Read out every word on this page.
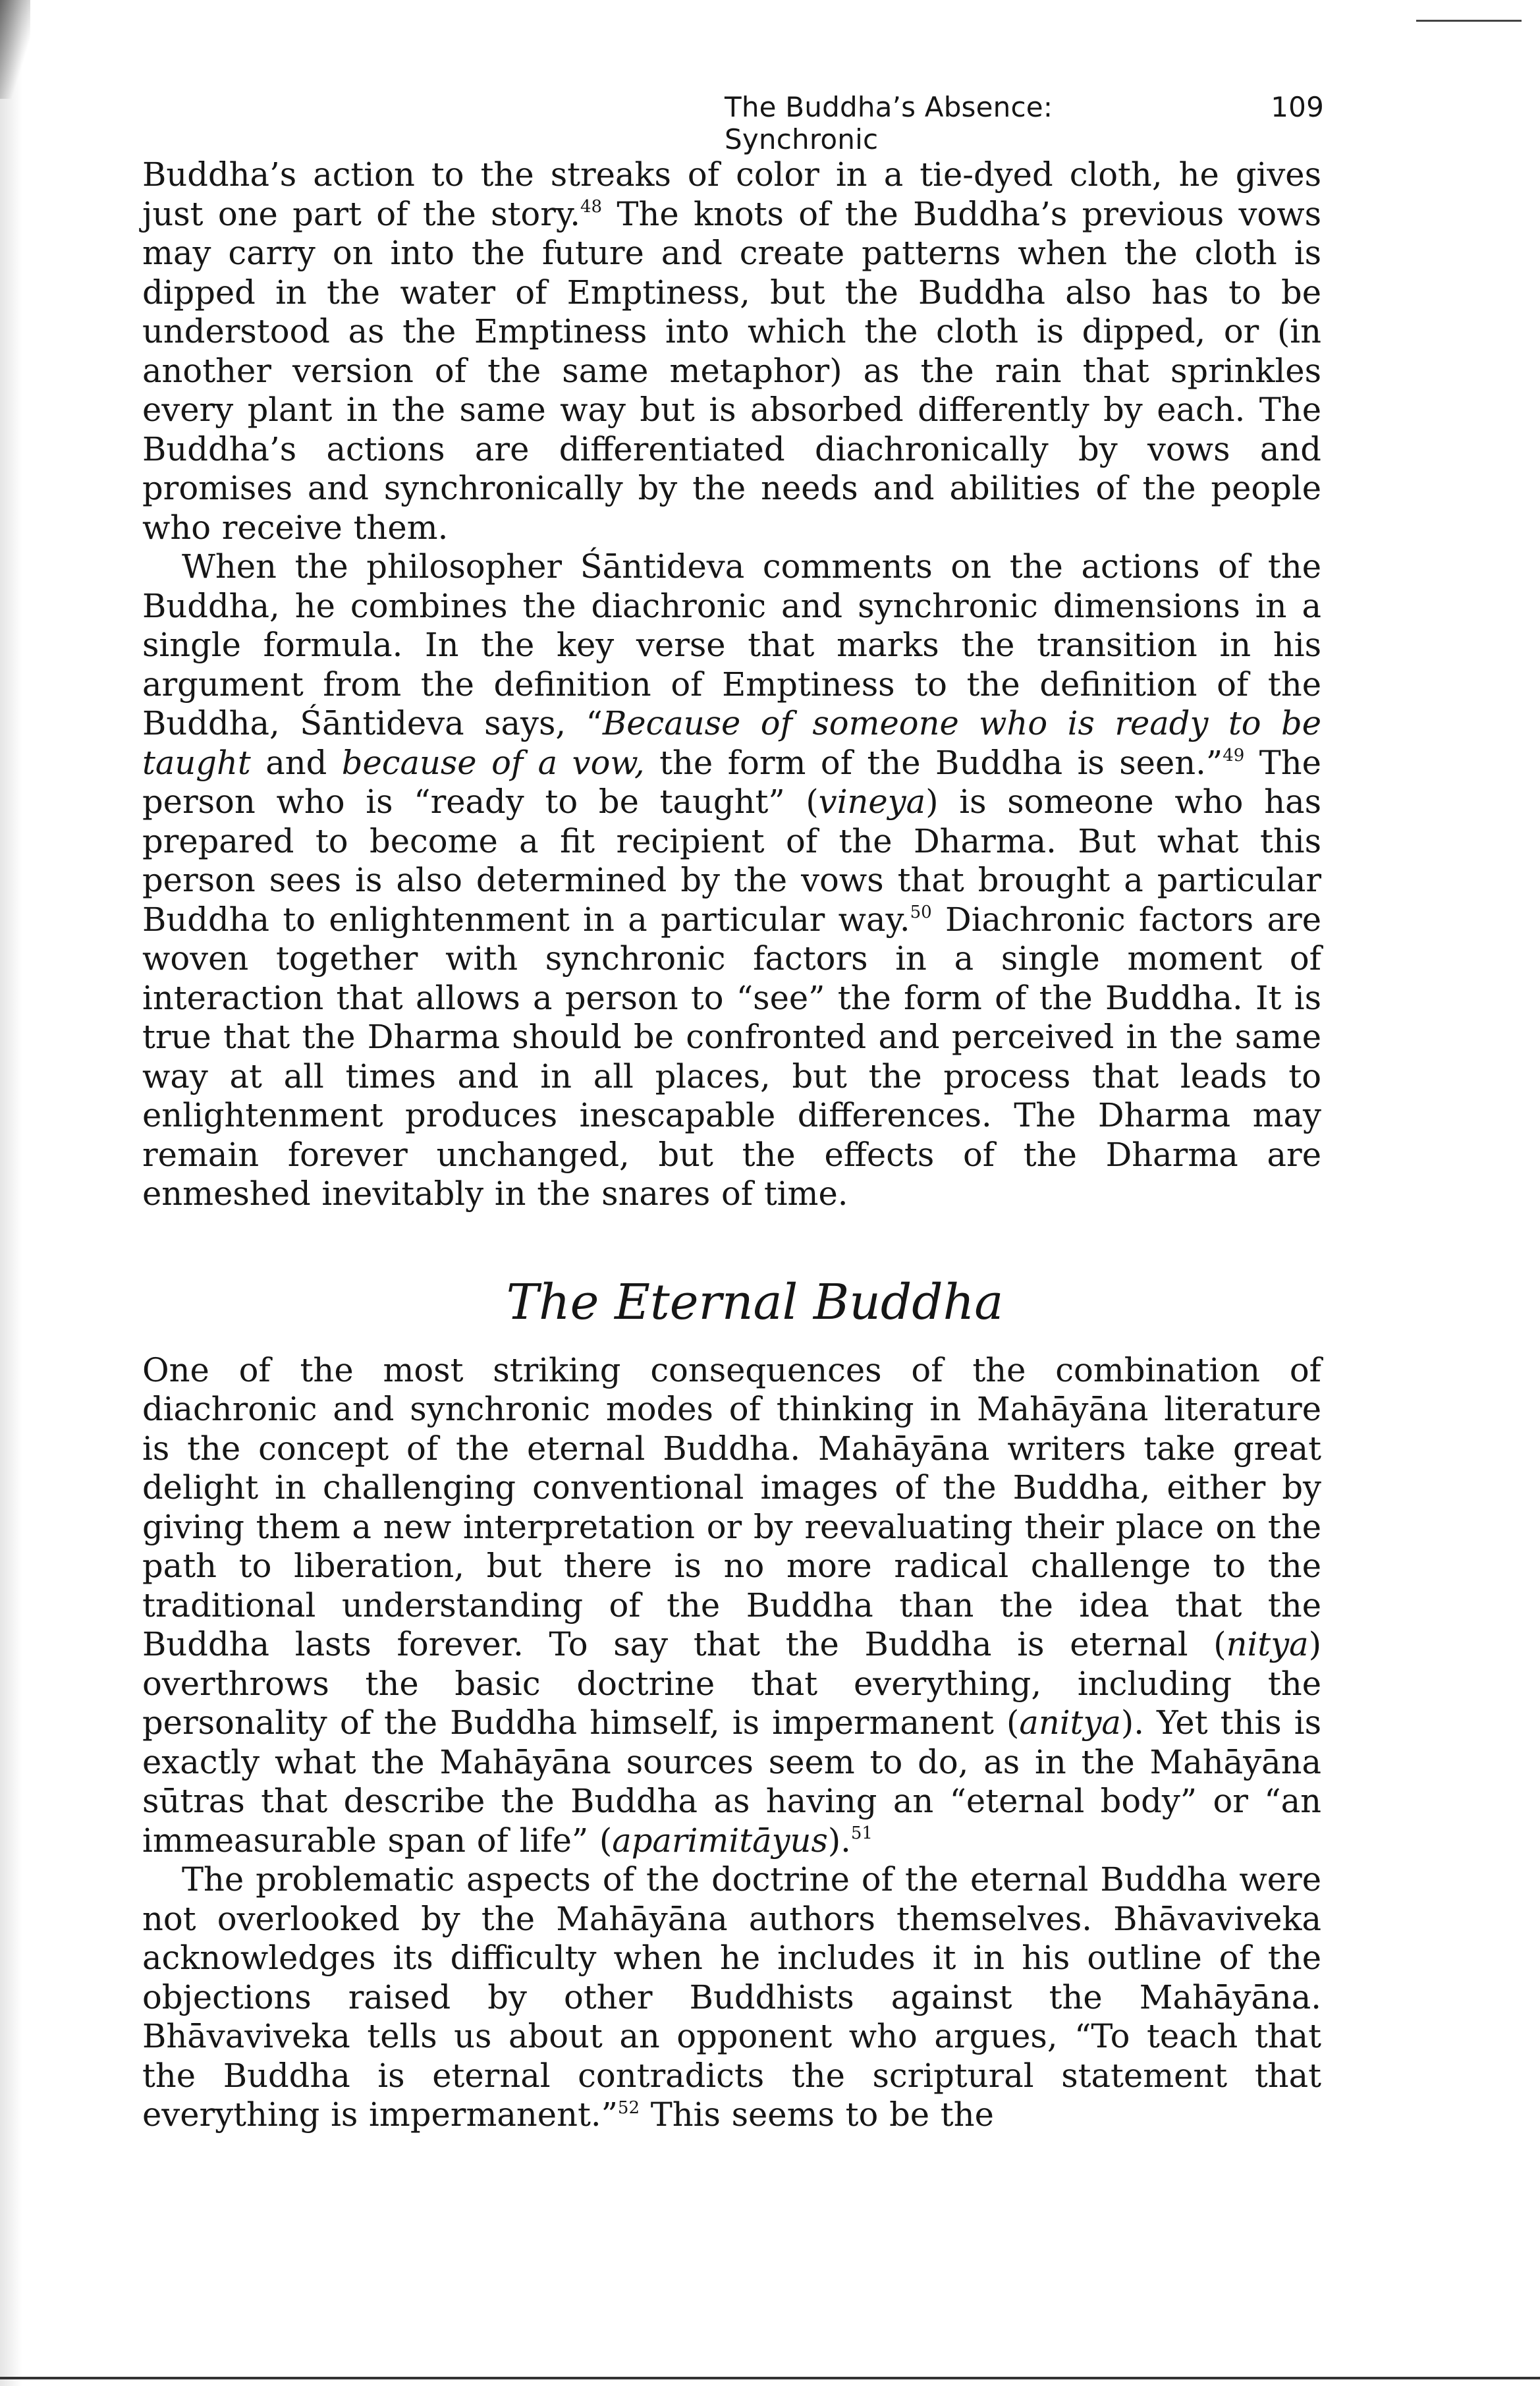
The Buddha’s Absence: Synchronic
109

Buddha’s action to the streaks of color in a tie-dyed cloth, he gives just one part of the story.$^{48}$ The knots of the Buddha’s previous vows may carry on into the future and create patterns when the cloth is dipped in the water of Emptiness, but the Buddha also has to be understood as the Emptiness into which the cloth is dipped, or (in another version of the same metaphor) as the rain that sprinkles every plant in the same way but is absorbed differently by each. The Buddha’s actions are differentiated diachronically by vows and promises and synchronically by the needs and abilities of the people who receive them.

When the philosopher Śāntideva comments on the actions of the Buddha, he combines the diachronic and synchronic dimensions in a single formula. In the key verse that marks the transition in his argument from the definition of Emptiness to the definition of the Buddha, Śāntideva says, “Because of someone who is ready to be taught and because of a vow, the form of the Buddha is seen.”$^{49}$ The person who is “ready to be taught” (vineya) is someone who has prepared to become a fit recipient of the Dharma. But what this person sees is also determined by the vows that brought a particular Buddha to enlightenment in a particular way.$^{50}$ Diachronic factors are woven together with synchronic factors in a single moment of interaction that allows a person to “see” the form of the Buddha. It is true that the Dharma should be confronted and perceived in the same way at all times and in all places, but the process that leads to enlightenment produces inescapable differences. The Dharma may remain forever unchanged, but the effects of the Dharma are enmeshed inevitably in the snares of time.

The Eternal Buddha

One of the most striking consequences of the combination of diachronic and synchronic modes of thinking in Mahāyāna literature is the concept of the eternal Buddha. Mahāyāna writers take great delight in challenging conventional images of the Buddha, either by giving them a new interpretation or by reevaluating their place on the path to liberation, but there is no more radical challenge to the traditional understanding of the Buddha than the idea that the Buddha lasts forever. To say that the Buddha is eternal (nitya) overthrows the basic doctrine that everything, including the personality of the Buddha himself, is impermanent (anitya). Yet this is exactly what the Mahāyāna sources seem to do, as in the Mahāyāna sūtras that describe the Buddha as having an “eternal body” or “an immeasurable span of life” (aparimitāyus).$^{51}$

The problematic aspects of the doctrine of the eternal Buddha were not overlooked by the Mahāyāna authors themselves. Bhāvaviveka acknowledges its difficulty when he includes it in his outline of the objections raised by other Buddhists against the Mahāyāna. Bhāvaviveka tells us about an opponent who argues, “To teach that the Buddha is eternal contradicts the scriptural statement that everything is impermanent.”$^{52}$ This seems to be the
